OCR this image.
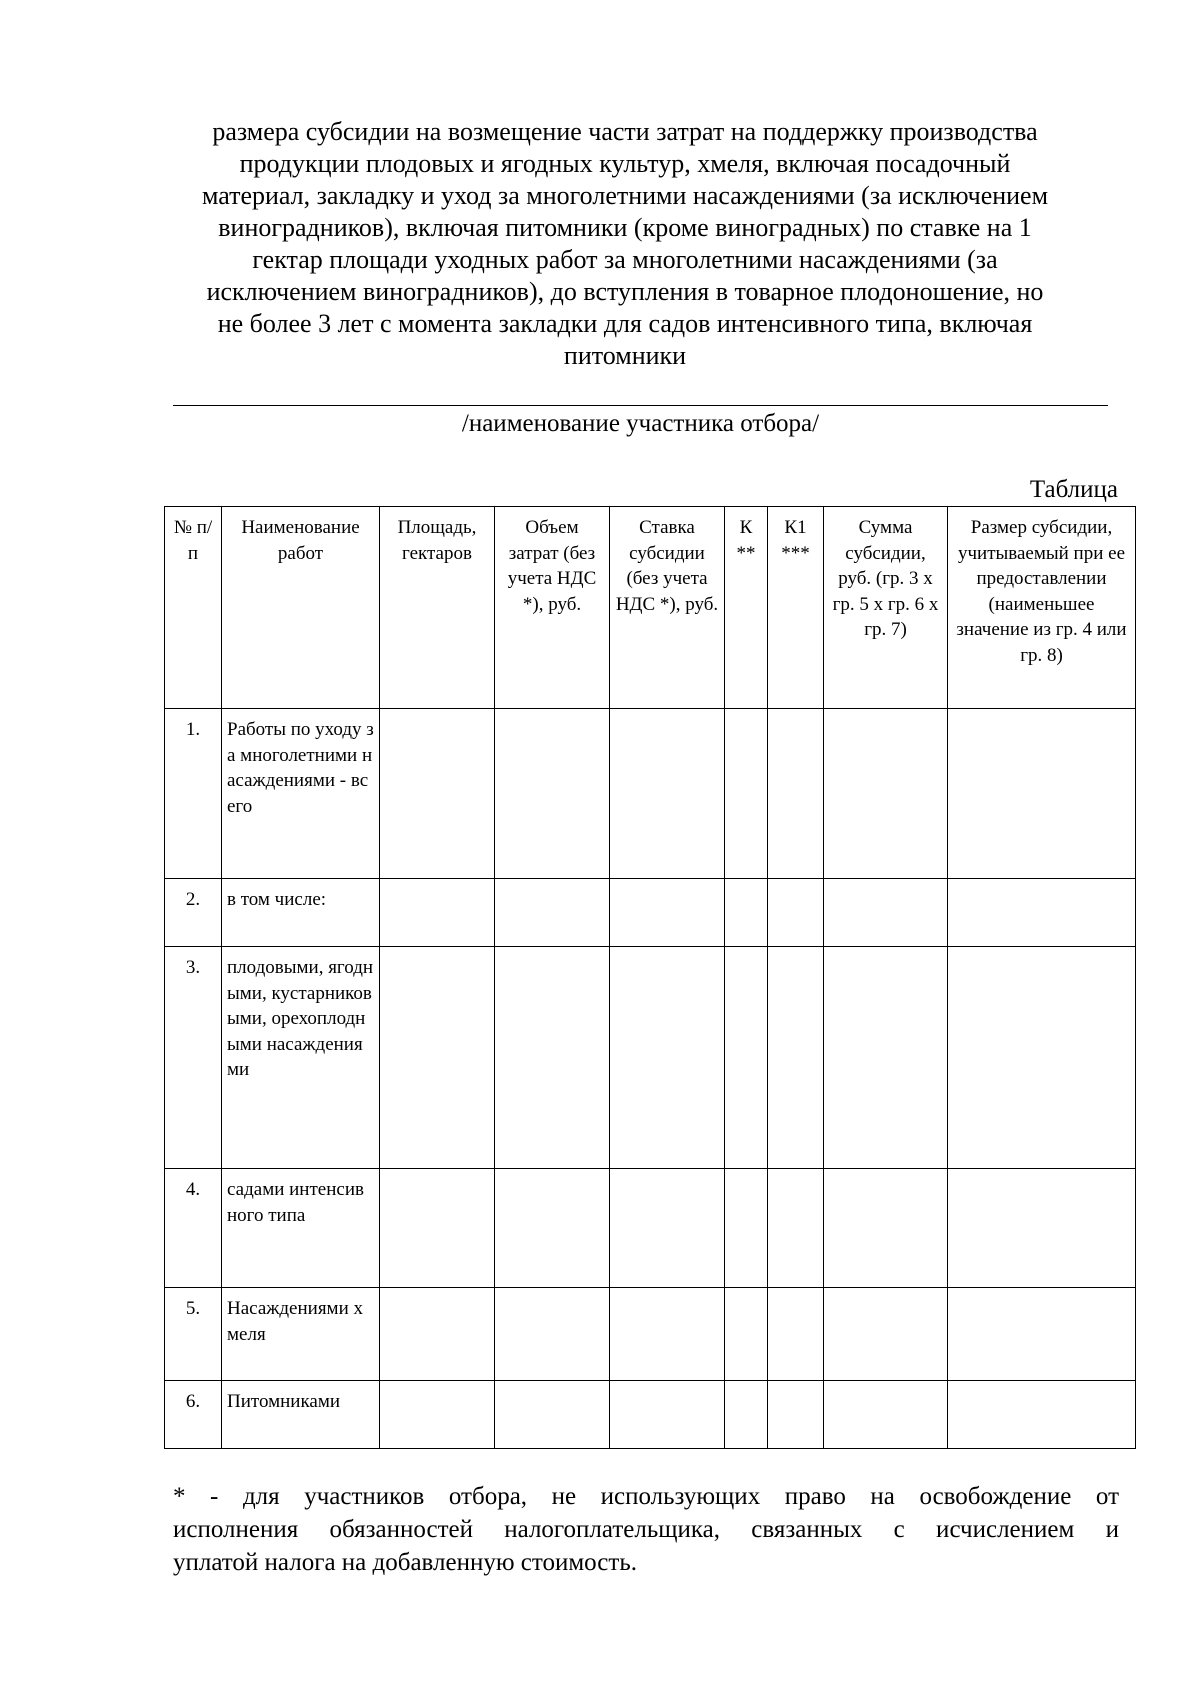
размера субсидии на возмещение части затрат на поддержку производства
продукции плодовых и ягодных культур, хмеля, включая посадочный
материал, закладку и уход за многолетними насаждениями (за исключением
виноградников), включая питомники (кроме виноградных) по ставке на 1
гектар площади уходных работ за многолетними насаждениями (за
исключением виноградников), до вступления в товарное плодоношение, но
не более 3 лет с момента закладки для садов интенсивного типа, включая
питомники
/наименование участника отбора/
Таблица
№ п/п	Наименование работ	Площадь, гектаров	Объем затрат (без учета НДС *), руб.	Ставка субсидии (без учета НДС *), руб.	К **	К1 ***	Сумма субсидии, руб. (гр. 3 х гр. 5 х гр. 6 х гр. 7)	Размер субсидии, учитываемый при ее предоставлении (наименьшее значение из гр. 4 или гр. 8)
1.	Работы по уходу за многолетними насаждениями - всего							
2.	в том числе:							
3.	плодовыми, ягодными, кустарниковыми, орехоплодными насаждениями							
4.	садами интенсивного типа							
5.	Насаждениями хмеля							
6.	Питомниками							
* - для участников отбора, не использующих право на освобождение от
исполнения обязанностей налогоплательщика, связанных с исчислением и
уплатой налога на добавленную стоимость.
